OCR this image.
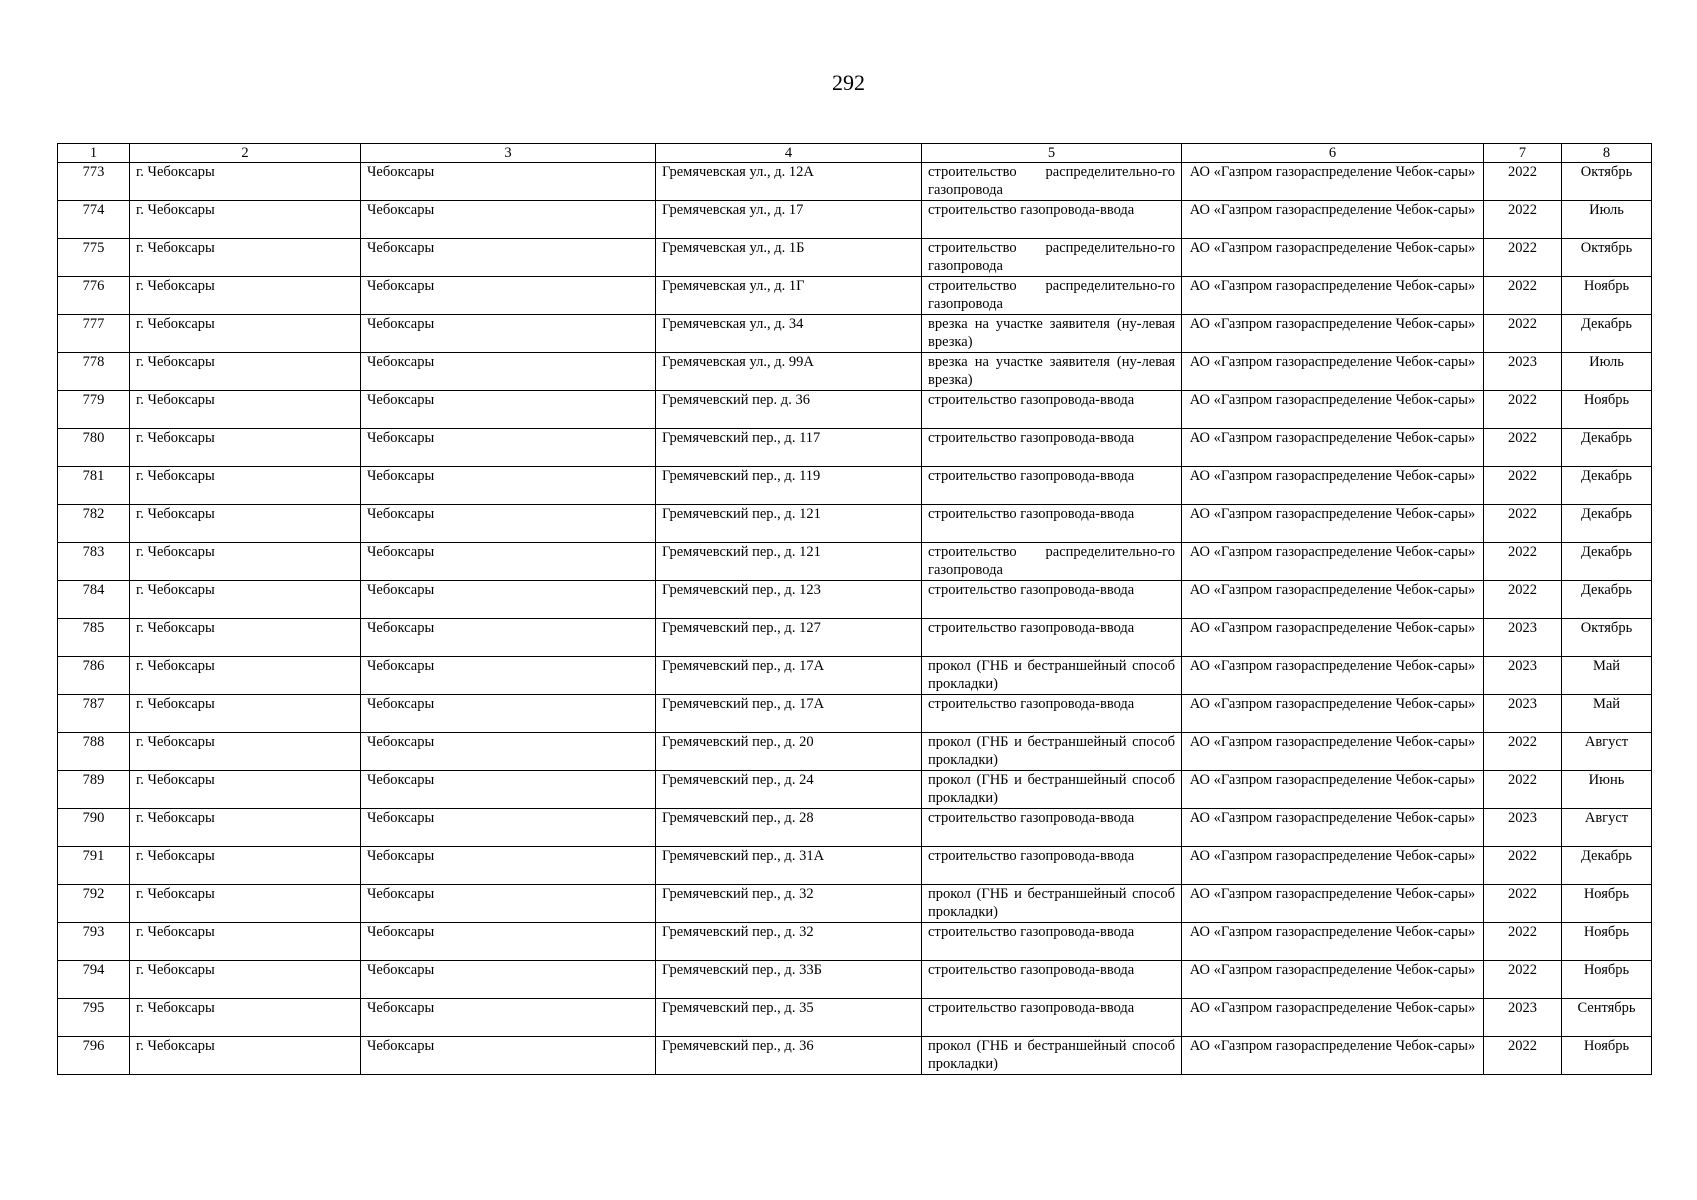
292
1	2	3	4	5	6	7	8
773	г. Чебоксары	Чебоксары	Гремячевская ул., д. 12А	строительство распределительно-го газопровода	АО «Газпром газораспределение Чебок-сары»	2022	Октябрь
774	г. Чебоксары	Чебоксары	Гремячевская ул., д. 17	строительство газопровода-ввода	АО «Газпром газораспределение Чебок-сары»	2022	Июль
775	г. Чебоксары	Чебоксары	Гремячевская ул., д. 1Б	строительство распределительно-го газопровода	АО «Газпром газораспределение Чебок-сары»	2022	Октябрь
776	г. Чебоксары	Чебоксары	Гремячевская ул., д. 1Г	строительство распределительно-го газопровода	АО «Газпром газораспределение Чебок-сары»	2022	Ноябрь
777	г. Чебоксары	Чебоксары	Гремячевская ул., д. 34	врезка на участке заявителя (ну-левая врезка)	АО «Газпром газораспределение Чебок-сары»	2022	Декабрь
778	г. Чебоксары	Чебоксары	Гремячевская ул., д. 99А	врезка на участке заявителя (ну-левая врезка)	АО «Газпром газораспределение Чебок-сары»	2023	Июль
779	г. Чебоксары	Чебоксары	Гремячевский пер. д. 36	строительство газопровода-ввода	АО «Газпром газораспределение Чебок-сары»	2022	Ноябрь
780	г. Чебоксары	Чебоксары	Гремячевский пер., д. 117	строительство газопровода-ввода	АО «Газпром газораспределение Чебок-сары»	2022	Декабрь
781	г. Чебоксары	Чебоксары	Гремячевский пер., д. 119	строительство газопровода-ввода	АО «Газпром газораспределение Чебок-сары»	2022	Декабрь
782	г. Чебоксары	Чебоксары	Гремячевский пер., д. 121	строительство газопровода-ввода	АО «Газпром газораспределение Чебок-сары»	2022	Декабрь
783	г. Чебоксары	Чебоксары	Гремячевский пер., д. 121	строительство распределительно-го газопровода	АО «Газпром газораспределение Чебок-сары»	2022	Декабрь
784	г. Чебоксары	Чебоксары	Гремячевский пер., д. 123	строительство газопровода-ввода	АО «Газпром газораспределение Чебок-сары»	2022	Декабрь
785	г. Чебоксары	Чебоксары	Гремячевский пер., д. 127	строительство газопровода-ввода	АО «Газпром газораспределение Чебок-сары»	2023	Октябрь
786	г. Чебоксары	Чебоксары	Гремячевский пер., д. 17А	прокол (ГНБ и бестраншейный способ прокладки)	АО «Газпром газораспределение Чебок-сары»	2023	Май
787	г. Чебоксары	Чебоксары	Гремячевский пер., д. 17А	строительство газопровода-ввода	АО «Газпром газораспределение Чебок-сары»	2023	Май
788	г. Чебоксары	Чебоксары	Гремячевский пер., д. 20	прокол (ГНБ и бестраншейный способ прокладки)	АО «Газпром газораспределение Чебок-сары»	2022	Август
789	г. Чебоксары	Чебоксары	Гремячевский пер., д. 24	прокол (ГНБ и бестраншейный способ прокладки)	АО «Газпром газораспределение Чебок-сары»	2022	Июнь
790	г. Чебоксары	Чебоксары	Гремячевский пер., д. 28	строительство газопровода-ввода	АО «Газпром газораспределение Чебок-сары»	2023	Август
791	г. Чебоксары	Чебоксары	Гремячевский пер., д. 31А	строительство газопровода-ввода	АО «Газпром газораспределение Чебок-сары»	2022	Декабрь
792	г. Чебоксары	Чебоксары	Гремячевский пер., д. 32	прокол (ГНБ и бестраншейный способ прокладки)	АО «Газпром газораспределение Чебок-сары»	2022	Ноябрь
793	г. Чебоксары	Чебоксары	Гремячевский пер., д. 32	строительство газопровода-ввода	АО «Газпром газораспределение Чебок-сары»	2022	Ноябрь
794	г. Чебоксары	Чебоксары	Гремячевский пер., д. 33Б	строительство газопровода-ввода	АО «Газпром газораспределение Чебок-сары»	2022	Ноябрь
795	г. Чебоксары	Чебоксары	Гремячевский пер., д. 35	строительство газопровода-ввода	АО «Газпром газораспределение Чебок-сары»	2023	Сентябрь
796	г. Чебоксары	Чебоксары	Гремячевский пер., д. 36	прокол (ГНБ и бестраншейный способ прокладки)	АО «Газпром газораспределение Чебок-сары»	2022	Ноябрь
